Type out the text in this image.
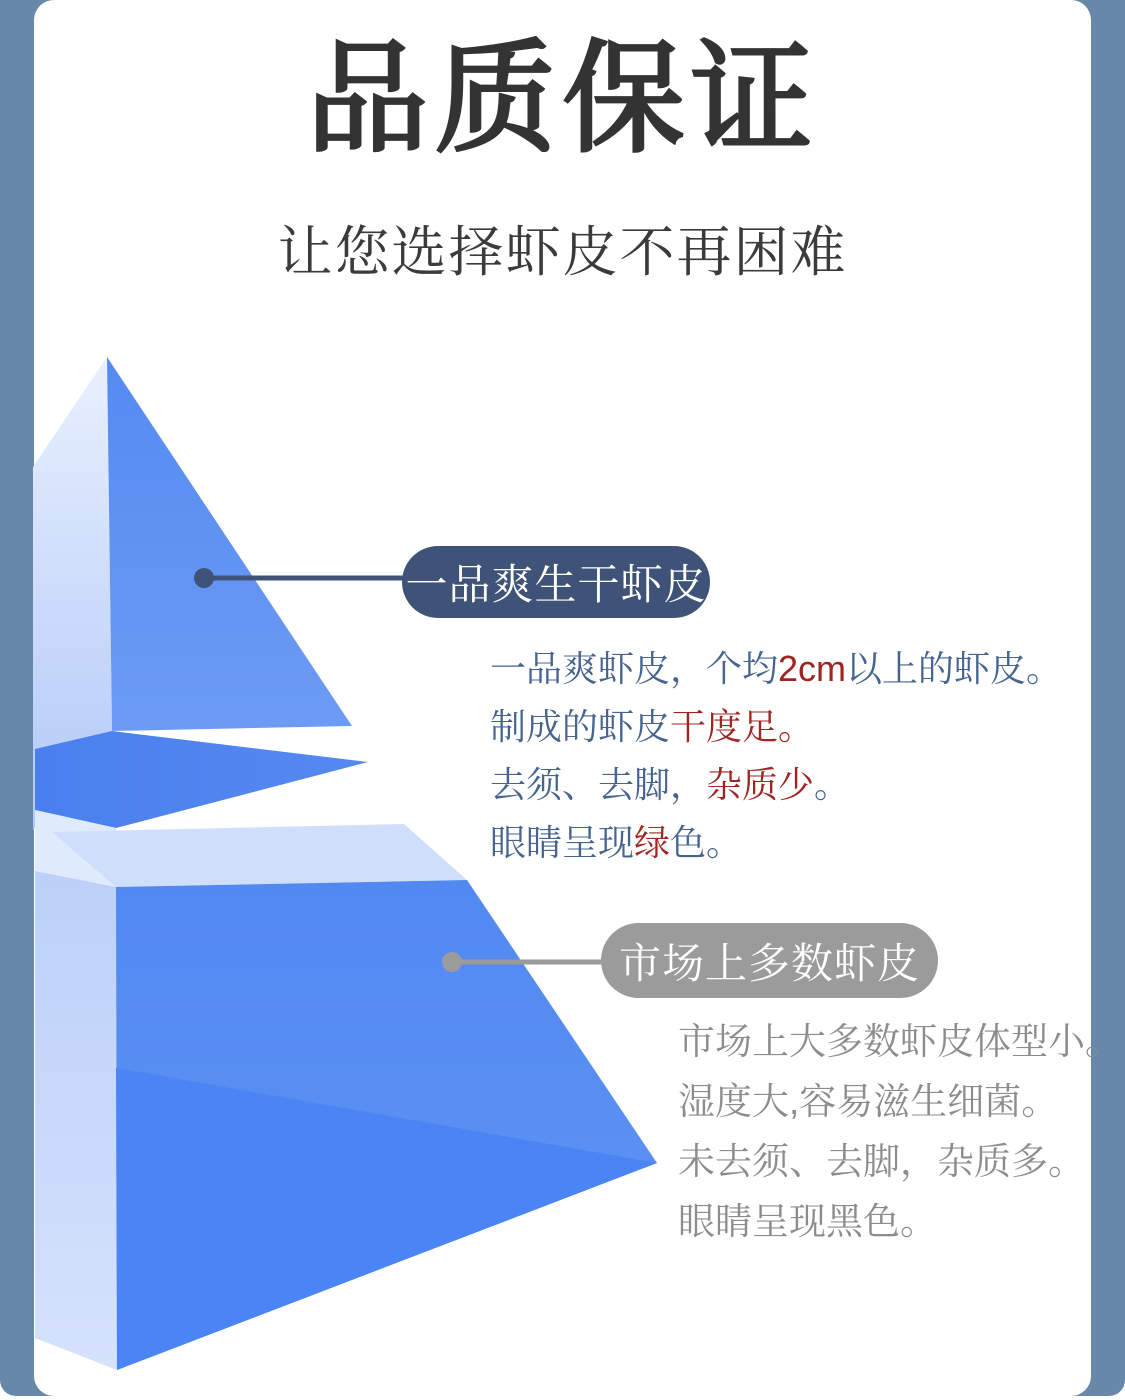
品质保证
让您选择虾皮不再困难
一品爽生干虾皮
市场上多数虾皮
一品爽虾皮，个均2cm以上的虾皮。
制成的虾皮干度足。
去须、去脚，杂质少。
眼睛呈现绿色。
市场上大多数虾皮体型小。
湿度大,容易滋生细菌。
未去须、去脚，杂质多。
眼睛呈现黑色。
